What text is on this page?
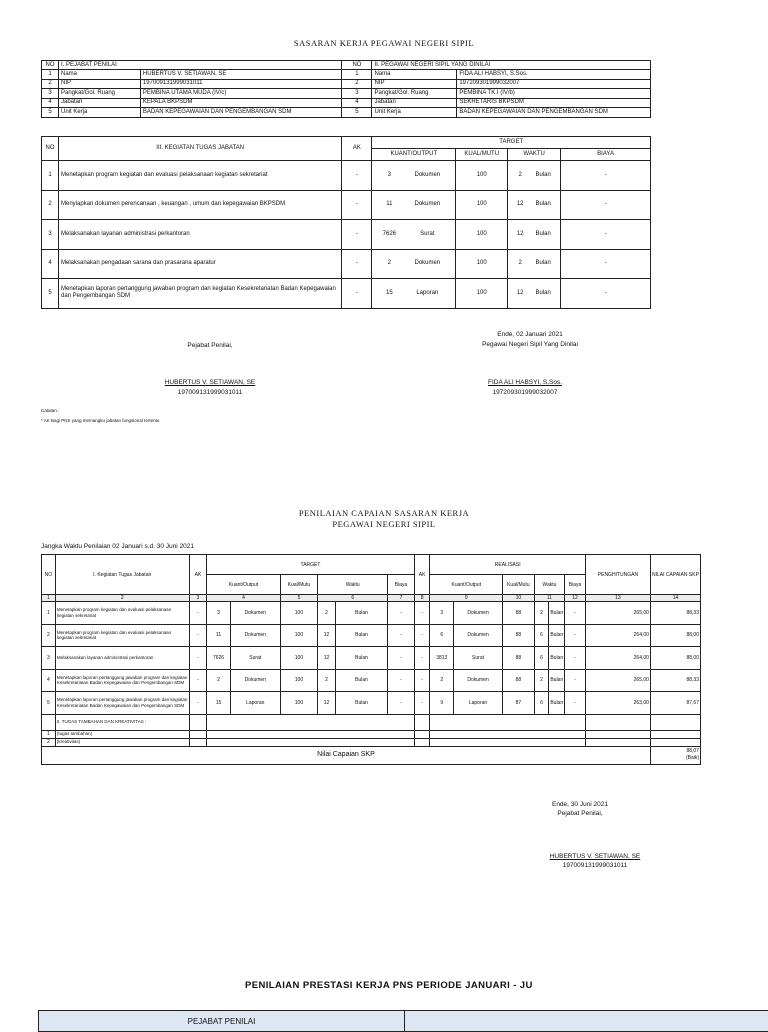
SASARAN KERJA PEGAWAI NEGERI SIPIL
NO	I. PEJABAT PENILAI		NO	II. PEGAWAI NEGERI SIPIL YANG DINILAI	
1	Nama	HUBERTUS V. SETIAWAN, SE	1	Nama	FIDA ALI HABSYI, S.Sos.
2	NIP	197009131999031011	2	NIP	197209301999032007
3	Pangkat/Gol. Ruang	PEMBINA UTAMA MUDA (IV/c)	3	Pangkat/Gol. Ruang	PEMBINA TK.I (IV/b)
4	Jabatan	KEPALA BKPSDM	4	Jabatan	SEKRETARIS BKPSDM
5	Unit Kerja	BADAN KEPEGAWAIAN DAN PENGEMBANGAN SDM	5	Unit Kerja	BADAN KEPEGAWAIAN DAN PENGEMBANGAN SDM
NO	III. KEGIATAN TUGAS JABATAN	AK	TARGET			
			KUANT/OUTPUT	KUAL/MUTU	WAKTU	BIAYA
1	Menetapkan program kegiatan dan evaluasi pelaksanaan kegiatan sekretariat	-	3 Dokumen	100	2 Bulan	-
2	Menyiapkan dokumen perencanaan , keuangan , umum dan kepegawaian BKPSDM	-	11 Dokumen	100	12 Bulan	-
3	Melaksanakan layanan administrasi perkantoran	-	7626 Surat	100	12 Bulan	-
4	Melaksanakan pengadaan sarana dan prasarana aparatur	-	2 Dokumen	100	2 Bulan	-
5	Menetapkan laporan pertanggung jawaban program dan kegiatan Kesekretariatan Badan Kepegawaian dan Pengembangan SDM	-	15 Laporan	100	12 Bulan	-
Ende, 02 Januari 2021
Pejabat Penilai,	Pegawai Negeri Sipil Yang Dinilai
HUBERTUS V. SETIAWAN, SE
197009131999031011
FIDA ALI HABSYI, S.Sos.
197209301999032007
Catatan :
* AK Bagi PNS yang memangku jabatan fungsional tertentu
PENILAIAN CAPAIAN SASARAN KERJA
PEGAWAI NEGERI SIPIL
Jangka Waktu Penilaian 02 Januari s.d. 30 Juni 2021
NO	I. Kegiatan Tugas Jabatan	AK	TARGET						AK	REALISASI						PENGHITUNGAN	NILAI CAPAIAN SKP
			Kuant/Output		Kual/Mutu	Waktu		Biaya		Kuant/Output		Kual/Mutu	Waktu		Biaya		
1	2	3	4		5	6		7	8	9		10	11		12	13	14
1	Menetapkan program kegiatan dan evaluasi pelaksanaan kegiatan sekretariat	-	3	Dokumen	100	2	Bulan	-	-	3	Dokumen	88	2	Bulan	-	265,00	88,33
2	Menetapkan program kegiatan dan evaluasi pelaksanaan kegiatan sekretariat	-	11	Dokumen	100	12	Bulan	-	-	6	Dokumen	88	6	Bulan	-	264,00	88,00
3	Melaksanakan layanan administrasi perkantoran	-	7626	Surat	100	12	Bulan	-	-	3813	Surat	88	6	Bulan	-	264,00	88,00
4	Menetapkan laporan pertanggung jawaban program dan kegiatan Kesekretariatan Badan Kepegawaian dan Pengembangan SDM	-	2	Dokumen	100	2	Bulan	-	-	2	Dokumen	88	2	Bulan	-	265,00	88,33
5	Menetapkan laporan pertanggung jawaban program dan kegiatan Kesekretariatan Badan Kepegawaian dan Pengembangan SDM	-	15	Laporan	100	12	Bulan	-	-	9	Laporan	87	6	Bulan	-	263,00	87,67
	II. TUGAS TAMBAHAN DAN KREATIVITAS :																
1	(tugas tambahan)																
2	(kreativitas)																
Nilai Capaian SKP																	88,07
(Baik)
Ende, 30 Juni 2021
Pejabat Penilai,
HUBERTUS V. SETIAWAN, SE
197009131999031011
PENILAIAN PRESTASI KERJA PNS PERIODE JANUARI - JU
PEJABAT PENILAI
